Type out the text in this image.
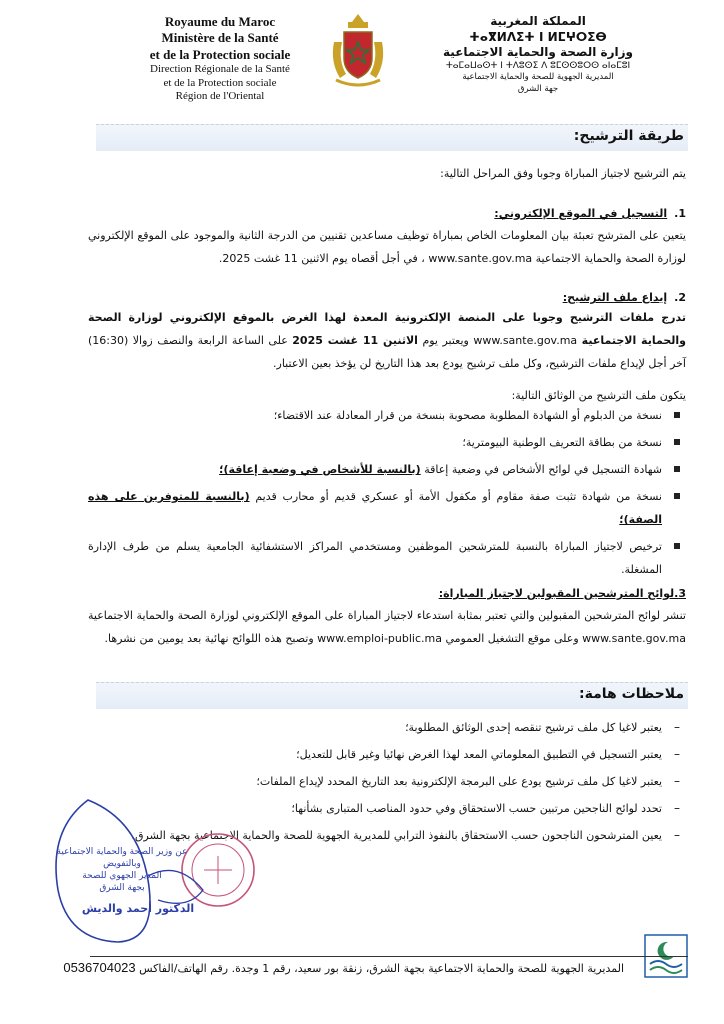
Royaume du Maroc
Ministère de la Santé
et de la Protection sociale
Direction Régionale de la Santé
et de la Protection sociale
Région de l'Oriental
المملكة المغربية
ⵜⴰⴳⵍⴷⵉⵜ ⵏ ⵍⵎⵖⵔⵉⴱ
وزارة الصحة والحماية الاجتماعية
ⵜⴰⵎⴰⵡⴰⵙⵜ ⵏ ⵜⴷⵓⵙⵉ ⴷ ⵓⵎⵙⵙⵓⵔⵙ ⴰⵏⴰⵎⵓⵏ
المديرية الجهوية للصحة والحماية الاجتماعية
جهة الشرق
طريقة الترشيح:
يتم الترشيح لاجتياز المباراة وجوبا وفق المراحل التالية:
1.  التسجيل في الموقع الإلكتروني:
يتعين على المترشح تعبئة بيان المعلومات الخاص بمباراة توظيف مساعدين تقنيين من الدرجة الثانية والموجود على الموقع الإلكتروني لوزارة الصحة والحماية الاجتماعية www.sante.gov.ma ، في أجل أقصاه يوم الاثنين 11 غشت 2025.
2.  إيداع ملف الترشيح:
تدرج ملفات الترشيح وجوبا على المنصة الإلكترونية المعدة لهذا الغرض بالموقع الإلكتروني لوزارة الصحة والحماية الاجتماعية www.sante.gov.ma ويعتبر يوم الاثنين 11 غشت 2025 على الساعة الرابعة والنصف زوالا (16:30) آخر أجل لإيداع ملفات الترشيح، وكل ملف ترشيح يودع بعد هذا التاريخ لن يؤخذ بعين الاعتبار.
يتكون ملف الترشيح من الوثائق التالية:
نسخة من الدبلوم أو الشهادة المطلوبة مصحوبة بنسخة من قرار المعادلة عند الاقتضاء؛
نسخة من بطاقة التعريف الوطنية البيومترية؛
شهادة التسجيل في لوائح الأشخاص في وضعية إعاقة (بالنسبة للأشخاص في وضعية إعاقة)؛
نسخة من شهادة تثبت صفة مقاوم أو مكفول الأمة أو عسكري قديم أو محارب قديم (بالنسبة للمتوفرين على هذه الصفة)؛
ترخيص لاجتياز المباراة بالنسبة للمترشحين الموظفين ومستخدمي المراكز الاستشفائية الجامعية يسلم من طرف الإدارة المشغلة.
3.لوائح المترشحين المقبولين لاجتياز المباراة:
تنشر لوائح المترشحين المقبولين والتي تعتبر بمثابة استدعاء لاجتياز المباراة على الموقع الإلكتروني لوزارة الصحة والحماية الاجتماعية www.sante.gov.ma وعلى موقع التشغيل العمومي www.emploi-public.ma وتصبح هذه اللوائح نهائية بعد يومين من نشرها.
ملاحظات هامة:
– يعتبر لاغيا كل ملف ترشيح تنقصه إحدى الوثائق المطلوبة؛
– يعتبر التسجيل في التطبيق المعلوماتي المعد لهذا الغرض نهائيا وغير قابل للتعديل؛
– يعتبر لاغيا كل ملف ترشيح يودع على البرمجة الإلكترونية بعد التاريخ المحدد لإيداع الملفات؛
– تحدد لوائح الناجحين مرتبين حسب الاستحقاق وفي حدود المناصب المتبارى بشأنها؛
– يعين المترشحون الناجحون حسب الاستحقاق بالنفوذ الترابي للمديرية الجهوية للصحة والحماية الاجتماعية بجهة الشرق.
عن وزير الصحة والحماية الاجتماعية
وبالتفويض
المدير الجهوي للصحة
بجهة الشرق
الدكتور أحمد والديش
المديرية الجهوية للصحة والحماية الاجتماعية بجهة الشرق، زنقة بور سعيد، رقم 1 وجدة. رقم الهاتف/الفاكس 0536704023
